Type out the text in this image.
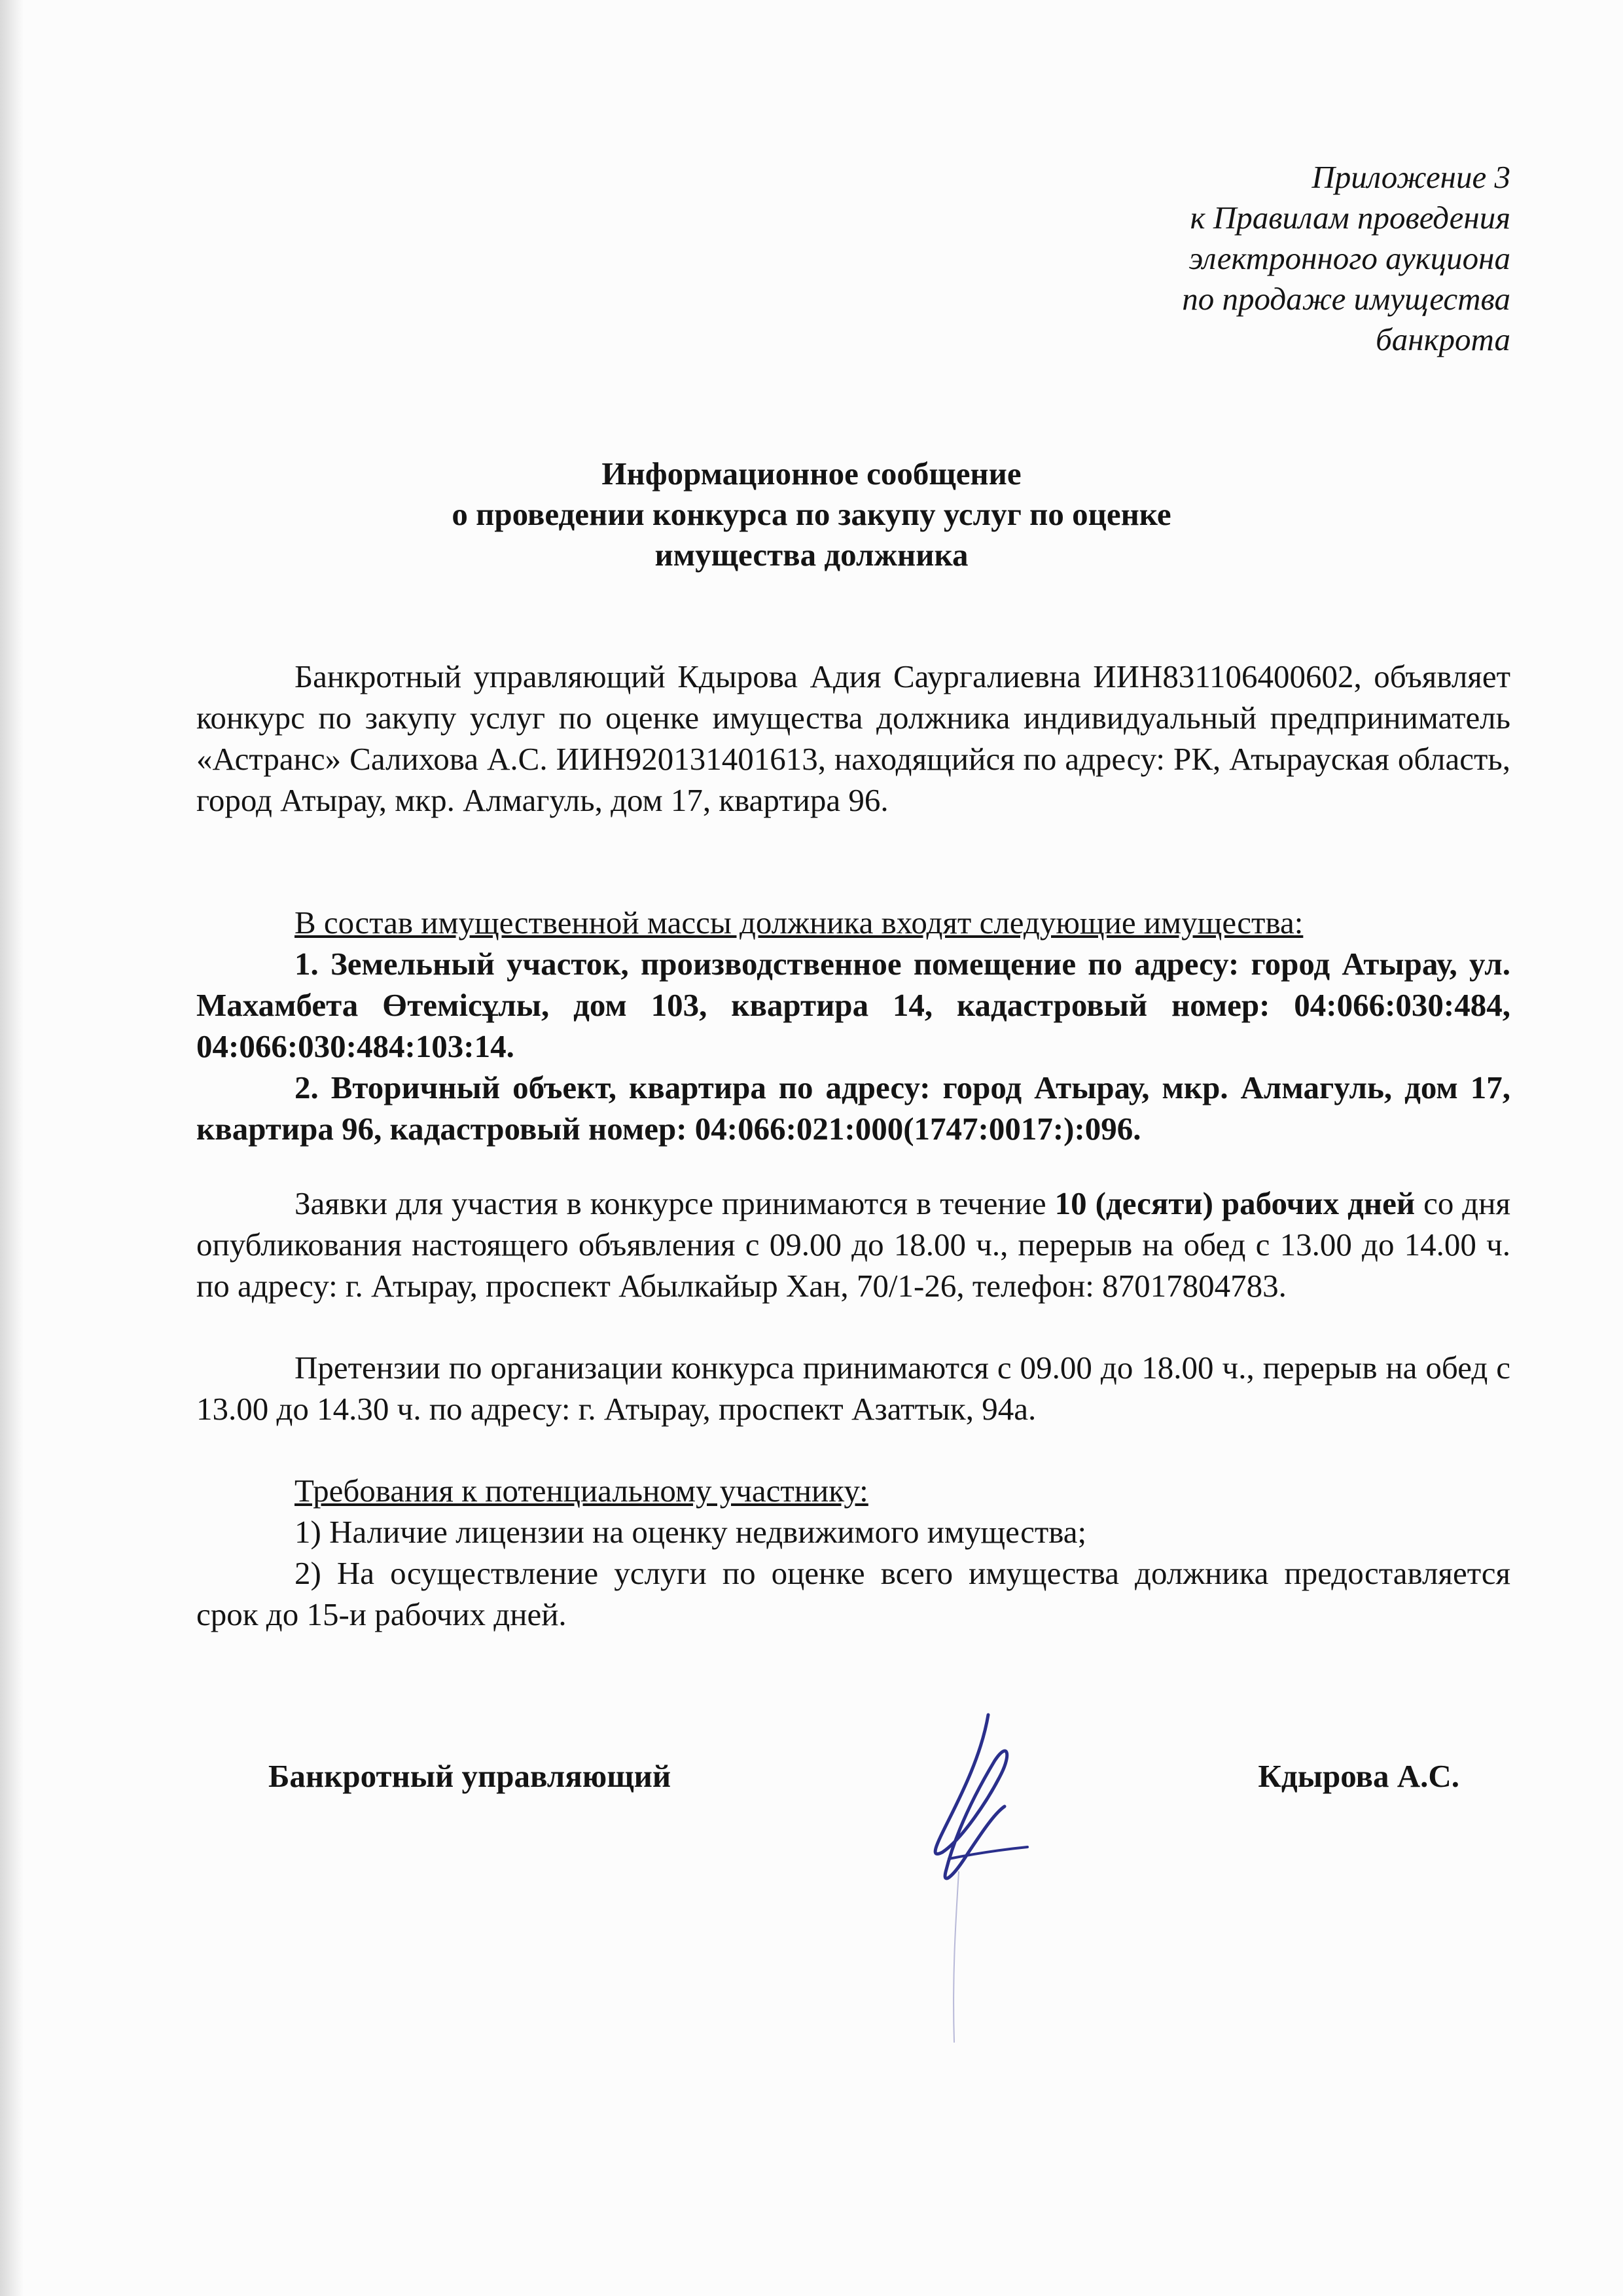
Приложение 3
к Правилам проведения
электронного аукциона
по продаже имущества
банкрота
Информационное сообщение
о проведении конкурса по закупу услуг по оценке
имущества должника

Банкротный управляющий Кдырова Адия Саургалиевна ИИН831106400602, объявляет конкурс по закупу услуг по оценке имущества должника индивидуальный предприниматель «Астранс» Салихова А.С. ИИН920131401613, находящийся по адресу: РК, Атырауская область, город Атырау, мкр. Алмагуль, дом 17, квартира 96.

В состав имущественной массы должника входят следующие имущества:

1. Земельный участок, производственное помещение по адресу: город Атырау, ул. Махамбета Өтемісұлы, дом 103, квартира 14, кадастровый номер: 04:066:030:484, 04:066:030:484:103:14.

2. Вторичный объект, квартира по адресу: город Атырау, мкр. Алмагуль, дом 17, квартира 96, кадастровый номер: 04:066:021:000(1747:0017:):096.

Заявки для участия в конкурсе принимаются в течение 10 (десяти) рабочих дней со дня опубликования настоящего объявления с 09.00 до 18.00 ч., перерыв на обед с 13.00 до 14.00 ч. по адресу: г. Атырау, проспект Абылкайыр Хан, 70/1-26, телефон: 87017804783.

Претензии по организации конкурса принимаются с 09.00 до 18.00 ч., перерыв на обед с 13.00 до 14.30 ч. по адресу: г. Атырау, проспект Азаттык, 94а.

Требования к потенциальному участнику:

1) Наличие лицензии на оценку недвижимого имущества;

2) На осуществление услуги по оценке всего имущества должника предоставляется срок до 15-и рабочих дней.

Банкротный управляющий	Кдырова А.С.
